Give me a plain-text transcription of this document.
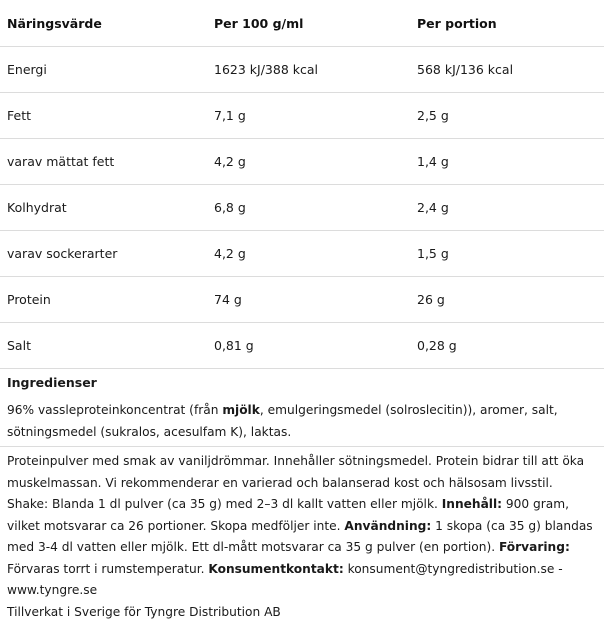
Näringsvärde	Per 100 g/ml	Per portion
Energi	1623 kJ/388 kcal	568 kJ/136 kcal
Fett	7,1 g	2,5 g
varav mättat fett	4,2 g	1,4 g
Kolhydrat	6,8 g	2,4 g
varav sockerarter	4,2 g	1,5 g
Protein	74 g	26 g
Salt	0,81 g	0,28 g
Ingredienser
96% vassleproteinkoncentrat (från mjölk, emulgeringsmedel (solroslecitin)), aromer, salt, sötningsmedel (sukralos, acesulfam K), laktas.
Proteinpulver med smak av vaniljdrömmar. Innehåller sötningsmedel. Protein bidrar till att öka muskelmassan. Vi rekommenderar en varierad och balanserad kost och hälsosam livsstil. Shake: Blanda 1 dl pulver (ca 35 g) med 2–3 dl kallt vatten eller mjölk. Innehåll: 900 gram, vilket motsvarar ca 26 portioner. Skopa medföljer inte. Användning: 1 skopa (ca 35 g) blandas med 3-4 dl vatten eller mjölk. Ett dl-mått motsvarar ca 35 g pulver (en portion). Förvaring: Förvaras torrt i rumstemperatur. Konsumentkontakt: konsument@tyngredistribution.se - www.tyngre.se
Tillverkat i Sverige för Tyngre Distribution AB
